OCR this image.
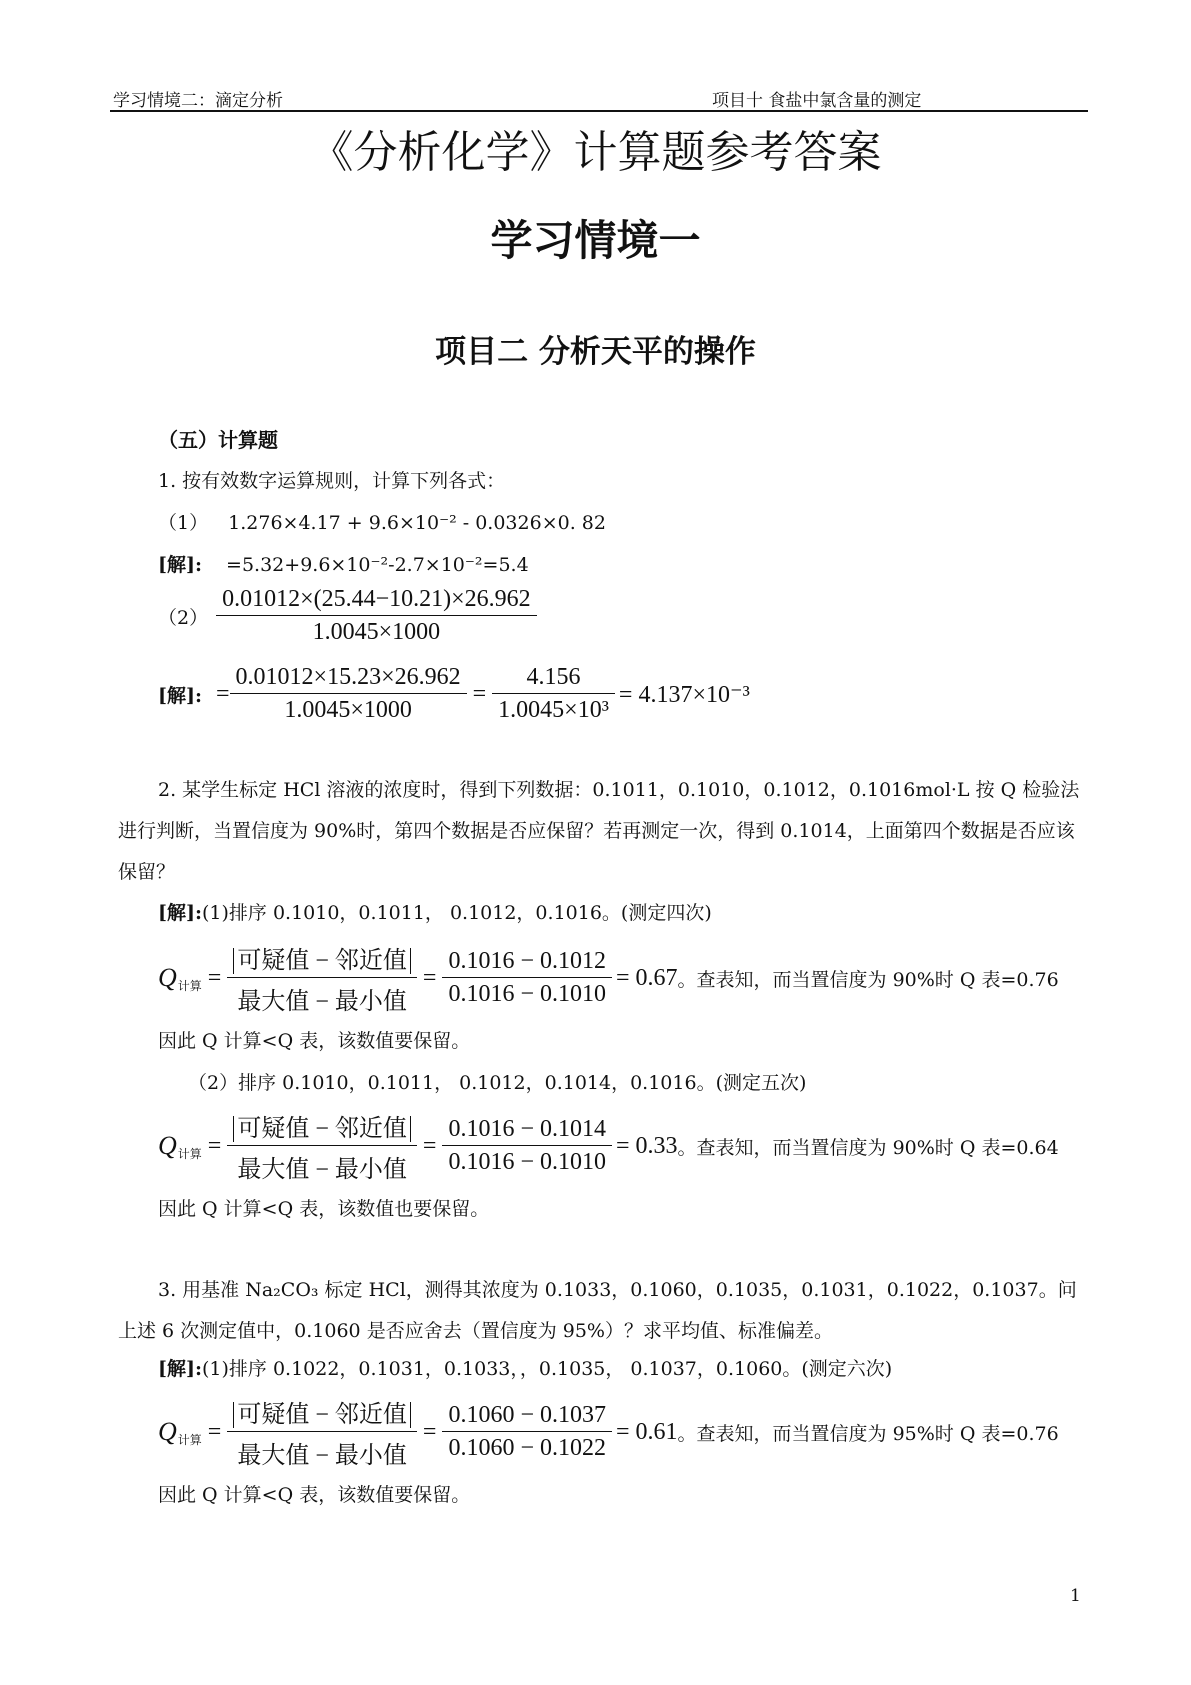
学习情境二：滴定分析	项目十 食盐中氯含量的测定
《分析化学》计算题参考答案
学习情境一
项目二 分析天平的操作
（五）计算题
1. 按有效数字运算规则，计算下列各式：
（1） 1.276×4.17 + 9.6×10⁻² - 0.0326×0. 82
[解]: =5.32+9.6×10⁻²-2.7×10⁻²=5.4
$(2) \frac{0.01012\times(25.44-10.21)\times 26.962}{1.0045\times 1000}$
[解]: = $\frac{0.01012\times 15.23\times 26.962}{1.0045\times 1000} = \frac{4.156}{\text{1.0045×10³}} = 4.137\times 10^{-3}$
2. 某学生标定 HCl 溶液的浓度时，得到下列数据：0.1011，0.1010，0.1012，0.1016mol·L 按 Q 检验法进行判断，当置信度为 90%时，第四个数据是否应保留？若再测定一次，得到 0.1014，上面第四个数据是否应该保留？
[解]:(1)排序 0.1010，0.1011， 0.1012，0.1016。(测定四次)
$Q_{计算} = \frac{\text{可疑值 − 邻近值}}{\text{最大值 − 最小值}} = \frac{0.1016 - 0.1012}{0.1016 - 0.1010} = 0.67$ 。查表知，而当置信度为 90%时 Q 表=0.76
因此 Q 计算<Q 表，该数值要保留。
（2）排序 0.1010，0.1011， 0.1012，0.1014，0.1016。(测定五次)
$Q_{计算} = \frac{\text{可疑值 − 邻近值}}{\text{最大值 − 最小值}} = \frac{0.1016 - 0.1014}{0.1016 - 0.1010} = 0.33$ 。查表知，而当置信度为 90%时 Q 表=0.64
因此 Q 计算<Q 表，该数值也要保留。
3. 用基准 Na₂CO₃ 标定 HCl，测得其浓度为 0.1033，0.1060，0.1035，0.1031，0.1022，0.1037。问上述 6 次测定值中，0.1060 是否应舍去（置信度为 95%）？求平均值、标准偏差。
[解]:(1)排序 0.1022，0.1031，0.1033，，0.1035， 0.1037，0.1060。(测定六次)
$Q_{计算} = \frac{\text{可疑值 − 邻近值}}{\text{最大值 − 最小值}} = \frac{0.1060 - 0.1037}{0.1060 - 0.1022} = 0.61$ 。查表知，而当置信度为 95%时 Q 表=0.76
因此 Q 计算<Q 表，该数值要保留。
1
